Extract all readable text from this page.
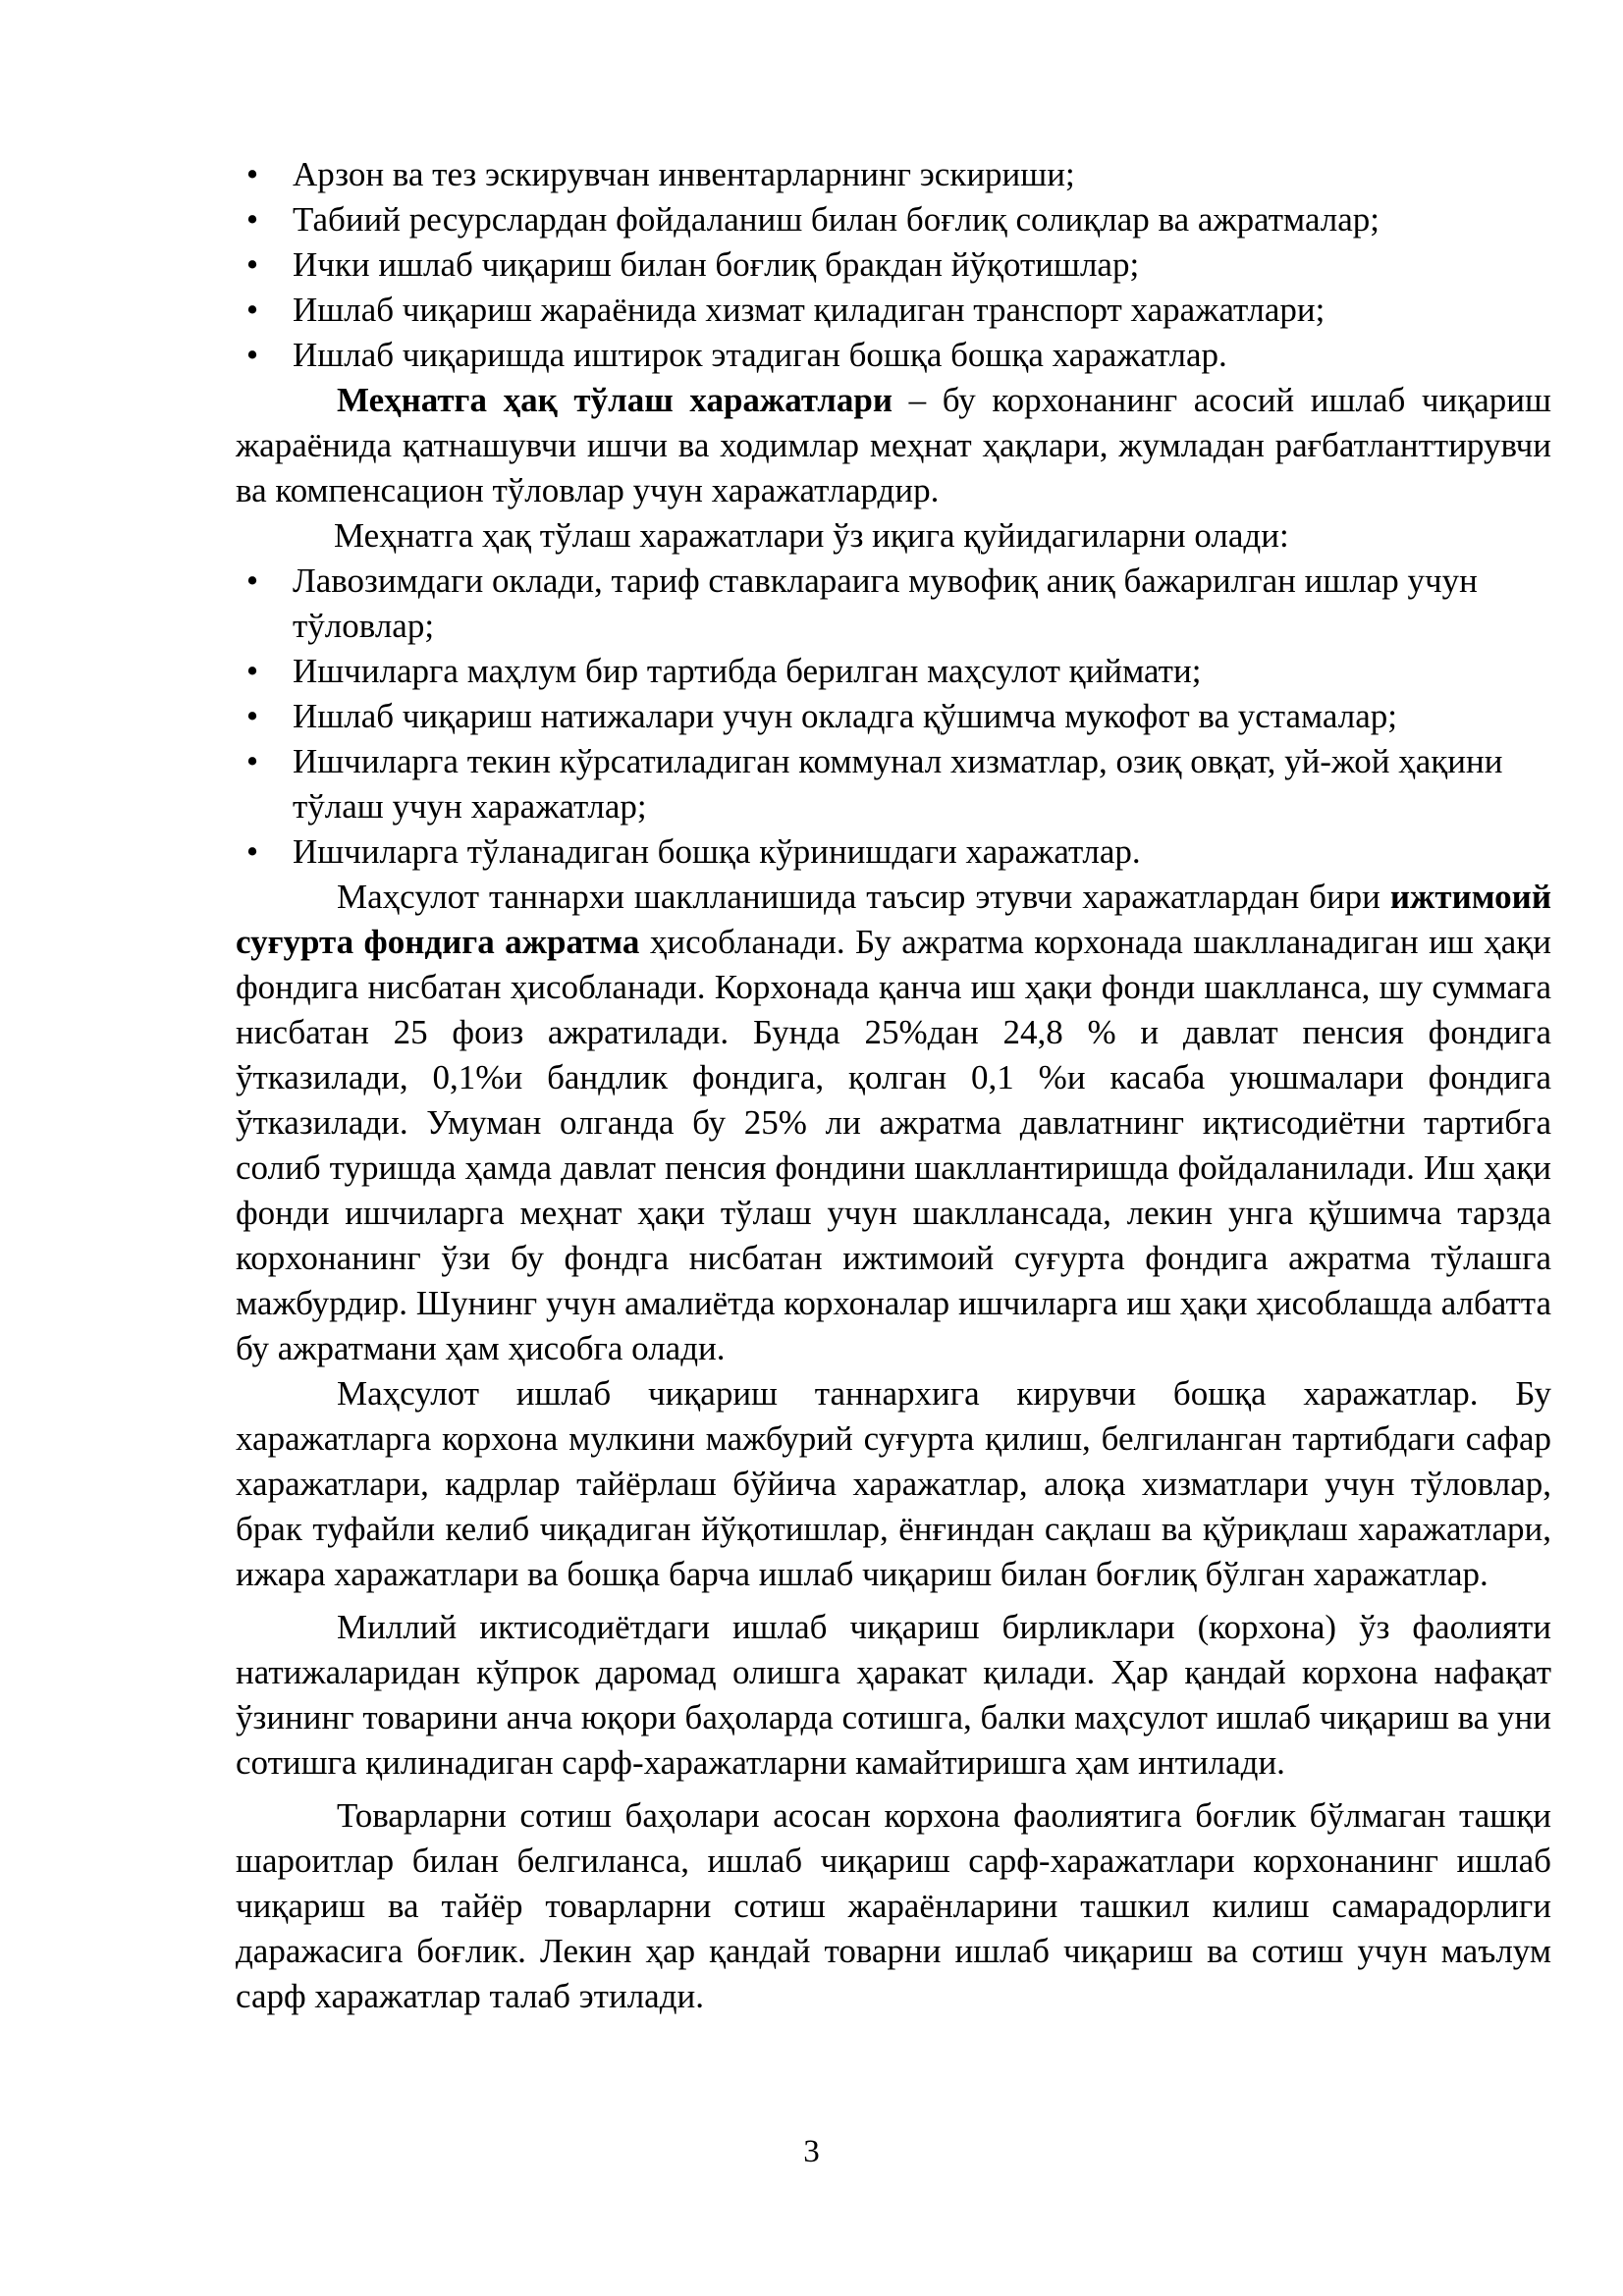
• Арзон ва тез эскирувчан инвентарларнинг эскириши;
• Табиий ресурслардан фойдаланиш билан боғлиқ солиқлар ва ажратмалар;
• Ички ишлаб чиқариш билан боғлиқ бракдан йўқотишлар;
• Ишлаб чиқариш жараёнида хизмат қиладиган транспорт харажатлари;
• Ишлаб чиқаришда иштирок этадиган бошқа бошқа харажатлар.

Меҳнатга ҳақ тўлаш харажатлари – бу корхонанинг асосий ишлаб чиқариш жараёнида қатнашувчи ишчи ва ходимлар меҳнат ҳақлари, жумладан рағбатланттирувчи ва компенсацион тўловлар учун харажатлардир.

Меҳнатга ҳақ тўлаш харажатлари ўз иқига қуйидагиларни олади:

• Лавозимдаги оклади, тариф ставклараига мувофиқ аниқ бажарилган ишлар учун тўловлар;
• Ишчиларга маҳлум бир тартибда берилган маҳсулот қиймати;
• Ишлаб чиқариш натижалари учун окладга қўшимча мукофот ва устамалар;
• Ишчиларга текин кўрсатиладиган коммунал хизматлар, озиқ овқат, уй-жой ҳақини тўлаш учун харажатлар;
• Ишчиларга тўланадиган бошқа кўринишдаги харажатлар.

Маҳсулот таннархи шаклланишида таъсир этувчи харажатлардан бири ижтимоий суғурта фондига ажратма ҳисобланади. Бу ажратма корхонада шаклланадиган иш ҳақи фондига нисбатан ҳисобланади. Корхонада қанча иш ҳақи фонди шаклланса, шу суммага нисбатан 25 фоиз ажратилади. Бунда 25%дан 24,8 % и давлат пенсия фондига ўтказилади, 0,1%и бандлик фондига, қолган 0,1 %и касаба уюшмалари фондига ўтказилади. Умуман олганда бу 25% ли ажратма давлатнинг иқтисодиётни тартибга солиб туришда ҳамда давлат пенсия фондини шакллантиришда фойдаланилади. Иш ҳақи фонди ишчиларга меҳнат ҳақи тўлаш учун шакллансада, лекин унга қўшимча тарзда корхонанинг ўзи бу фондга нисбатан ижтимоий суғурта фондига ажратма тўлашга мажбурдир. Шунинг учун амалиётда корхоналар ишчиларга иш ҳақи ҳисоблашда албатта бу ажратмани ҳам ҳисобга олади.

Маҳсулот ишлаб чиқариш таннархига кирувчи бошқа харажатлар. Бу харажатларга корхона мулкини мажбурий суғурта қилиш, белгиланган тартибдаги сафар харажатлари, кадрлар тайёрлаш бўйича харажатлар, алоқа хизматлари учун тўловлар, брак туфайли келиб чиқадиган йўқотишлар, ёнғиндан сақлаш ва қўриқлаш харажатлари, ижара харажатлари ва бошқа барча ишлаб чиқариш билан боғлиқ бўлган харажатлар.

Миллий иктисодиётдаги ишлаб чиқариш бирликлари (корхона) ўз фаолияти натижаларидан кўпрок даромад олишга ҳаракат қилади. Ҳар қандай корхона нафақат ўзининг товарини анча юқори баҳоларда сотишга, балки маҳсулот ишлаб чиқариш ва уни сотишга қилинадиган сарф-харажатларни камайтиришга ҳам интилади.

Товарларни сотиш баҳолари асосан корхона фаолиятига боғлик бўлмаган ташқи шароитлар билан белгиланса, ишлаб чиқариш сарф-харажатлари корхонанинг ишлаб чиқариш ва тайёр товарларни сотиш жараёнларини ташкил килиш самарадорлиги даражасига боғлик. Лекин ҳар қандай товарни ишлаб чиқариш ва сотиш учун маълум сарф харажатлар талаб этилади.

3
